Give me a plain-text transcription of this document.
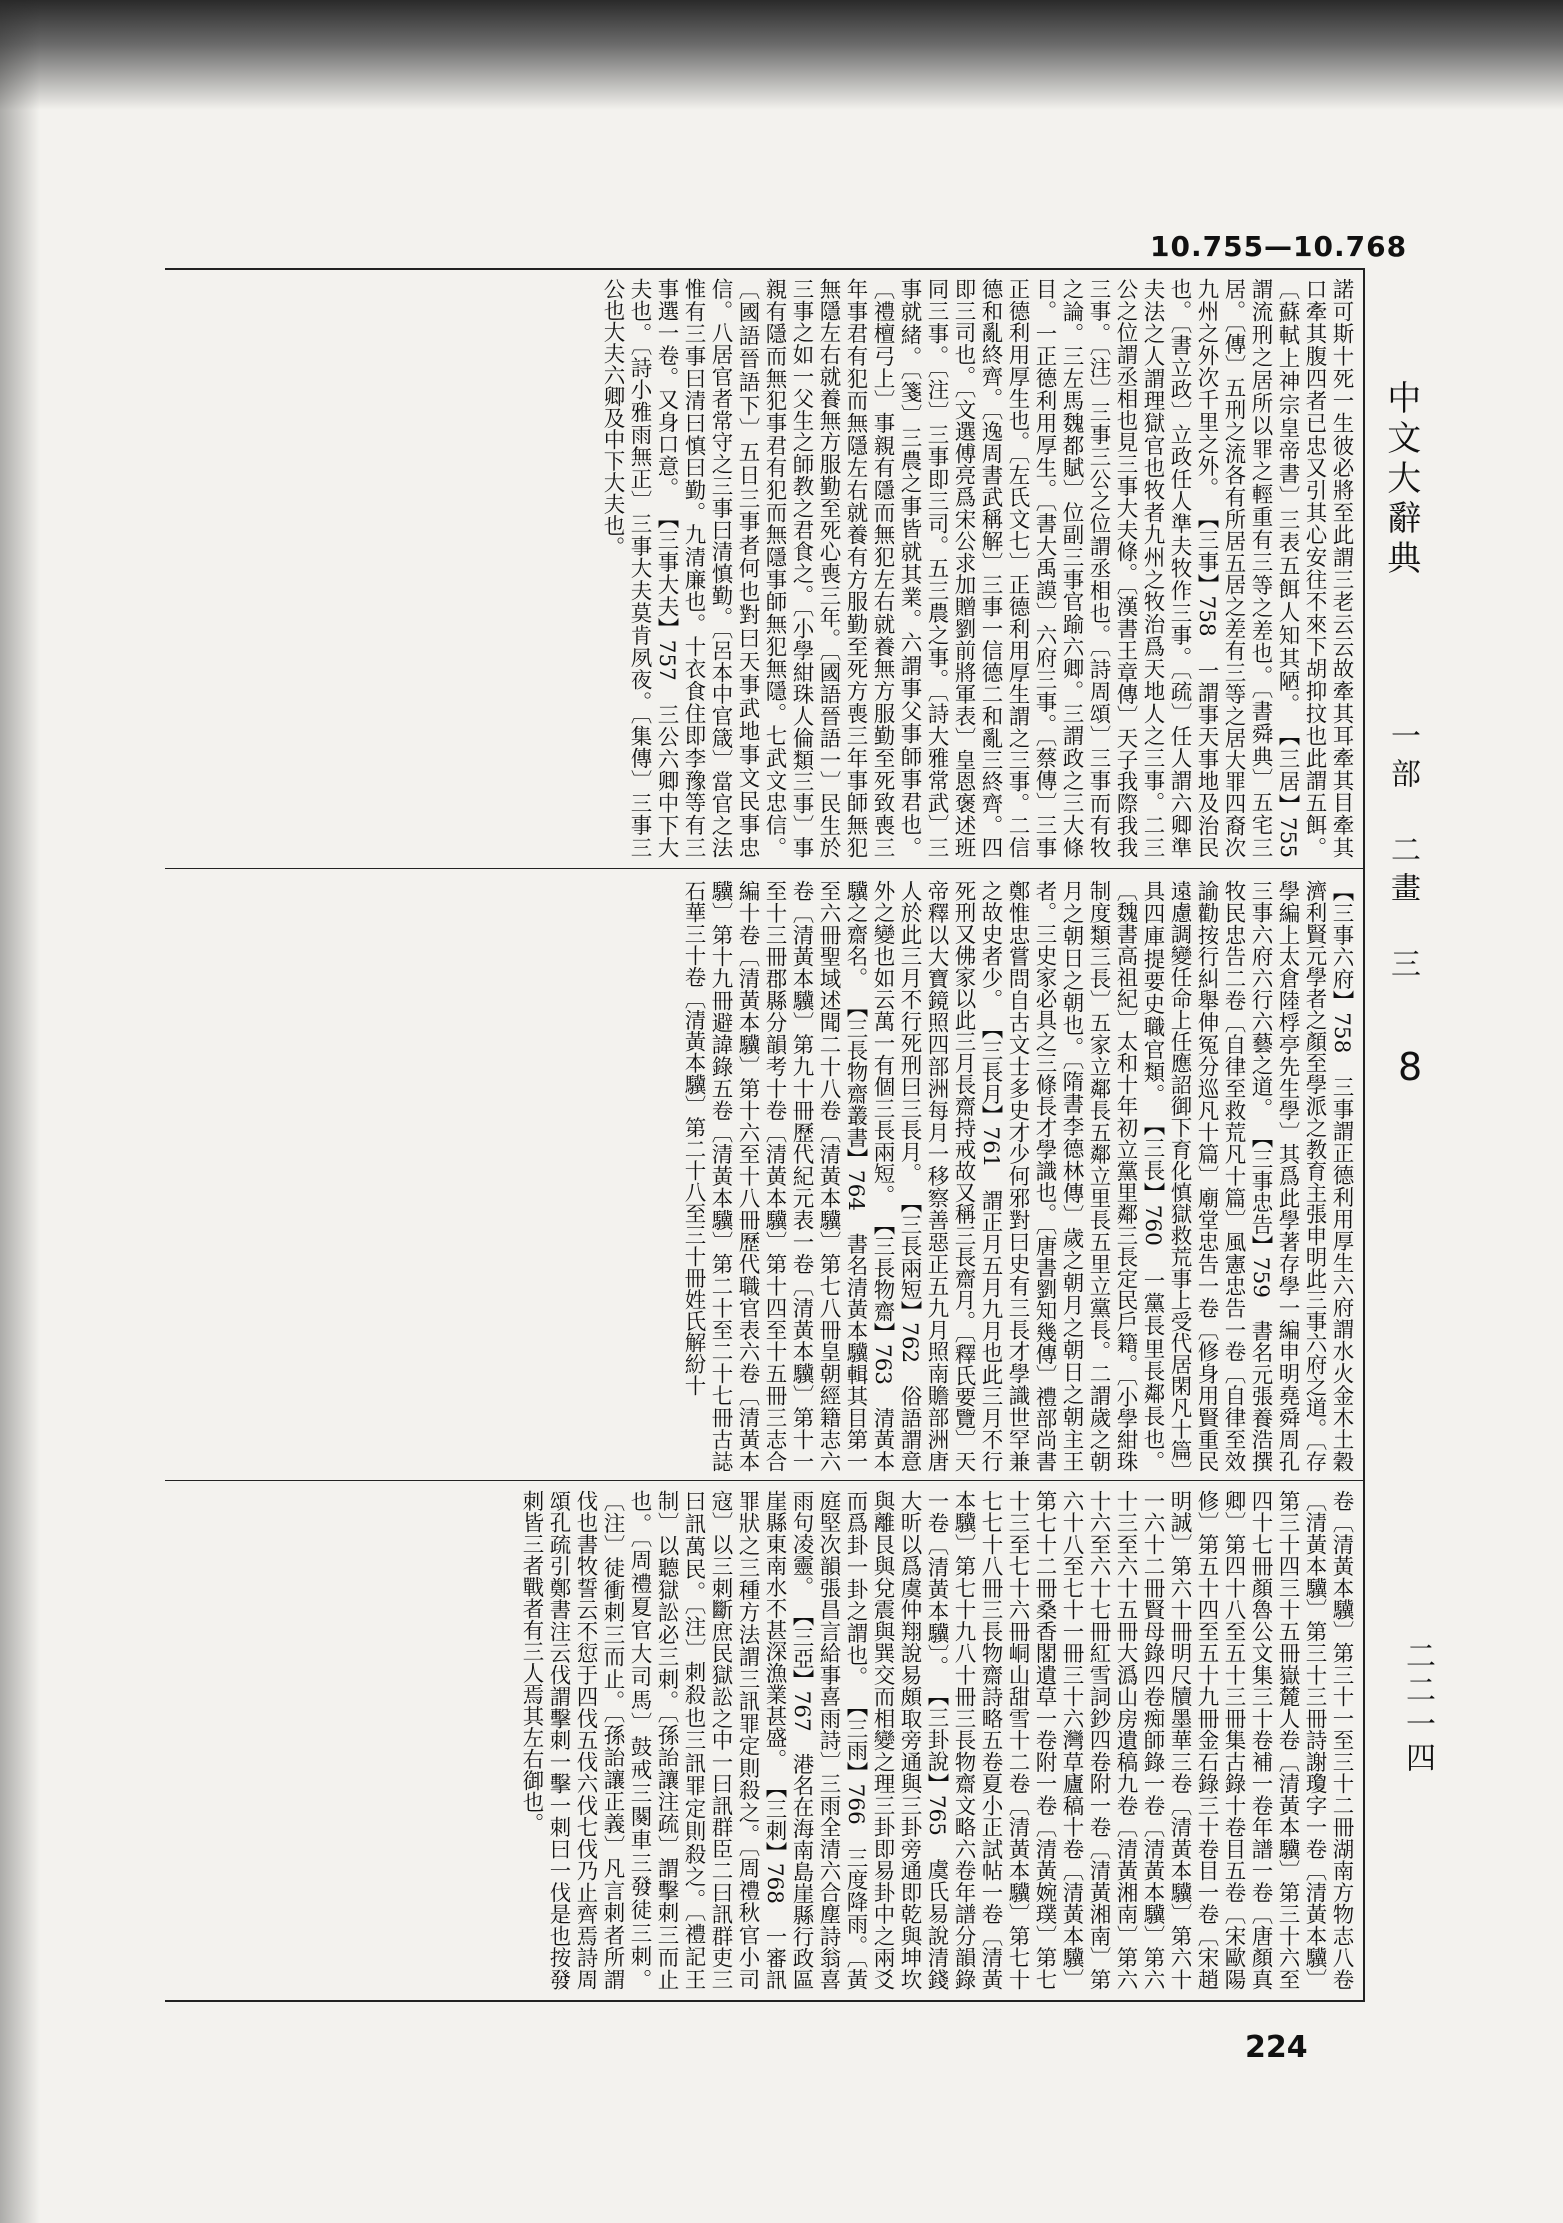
10.755—10.768
中文大辭典
一部　二畫　三
8
二二一四
224

諾可斯十死一生彼必將至此謂三老云云故牽其耳牽其目牽其口牽其腹四者已忠又引其心安往不來下胡抑抆也此謂五餌。〔蘇軾上神宗皇帝書〕三表五餌人知其陋。

【三居】755　謂流刑之居所以罪之輕重有三等之差也。〔書舜典〕五宅三居。〔傳〕五刑之流各有所居五居之差有三等之居大罪四裔次九州之外次千里之外。

【三事】758　一謂事天事地及治民也。〔書立政〕立政任人準夫牧作三事。〔疏〕任人謂六卿準夫法之人謂理獄官也牧者九州之牧治爲天地人之三事。二三公之位謂丞相也見三事大夫條。〔漢書王章傳〕天子我際我我三事。〔注〕三事三公之位謂丞相也。〔詩周頌〕三事而有牧之論。三左馬魏都賦〕位副三事官踰六卿。三謂政之三大條目。一正德利用厚生。〔書大禹謨〕六府三事。〔蔡傳〕三事正德利用厚生也。〔左氏文七〕正德利用厚生謂之三事。二信德和亂終齊。〔逸周書武稱解〕三事一信德二和亂三終齊。四即三司也。〔文選傅亮爲宋公求加贈劉前將軍表〕皇恩褒述班同三事。〔注〕三事即三司。五三農之事。〔詩大雅常武〕三事就緒。〔箋〕三農之事皆就其業。六謂事父事師事君也。〔禮檀弓上〕事親有隱而無犯左右就養無方服勤至死致喪三年事君有犯而無隱左右就養有方服勤至死方喪三年事師無犯無隱左右就養無方服勤至死心喪三年。〔國語晉語一〕民生於三事之如一父生之師教之君食之。〔小學紺珠人倫類三事〕事親有隱而無犯事君有犯而無隱事師無犯無隱。七武文忠信。〔國語晉語下〕五日三事者何也對曰天事武地事文民事忠信。八居官者常守之三事曰清慎勤。〔呂本中官箴〕當官之法惟有三事曰清曰慎曰勤。九清廉也。十衣食住即李豫等有三事選一卷。又身口意。

【三事大夫】757　三公六卿中下大夫也。〔詩小雅雨無正〕三事大夫莫肯夙夜。〔集傳〕三事三公也大夫六卿及中下大夫也。

【三事六府】758　三事謂正德利用厚生六府謂水火金木土穀濟利賢元學者之顏至學派之教育主張申明此三事六府之道。〔存學編上太倉陸桴亭先生學〕其爲此學著存學一編申明堯舜周孔三事六府六行六藝之道。

【三事忠告】759　書名元張養浩撰牧民忠告二卷〔自律至救荒凡十篇〕風憲忠告一卷〔自律至效諭勸按行糾舉伸冤分巡凡十篇〕廟堂忠告一卷〔修身用賢重民遠慮調變任命上任應詔御下育化慎獄救荒事上受代居閑凡十篇〕具四庫提要史職官類。

【三長】760　一黨長里長鄰長也。〔魏書高祖紀〕太和十年初立黨里鄰三長定民戶籍。〔小學紺珠制度類三長〕五家立鄰長五鄰立里長五里立黨長。二謂歲之朝月之朝日之朝也。〔隋書李德林傳〕歲之朝月之朝日之朝主王者。三史家必具之三條長才學識也。〔唐書劉知幾傳〕禮部尚書鄭惟忠嘗問自古文士多史才少何邪對曰史有三長才學識世罕兼之故史者少。

【三長月】761　謂正月五月九月也此三月不行死刑又佛家以此三月長齋持戒故又稱三長齋月。〔釋氏要覽〕天帝釋以大寶鏡照四部洲每月一移察善惡正五九月照南贍部洲唐人於此三月不行死刑曰三長月。

【三長兩短】762　俗語謂意外之變也如云萬一有個三長兩短。

【三長物齋】763　清黃本驥之齋名。

【三長物齋叢書】764　書名清黃本驥輯其目第一至六冊聖域述聞二十八卷〔清黃本驥〕第七八冊皇朝經籍志六卷〔清黃本驥〕第九十冊歷代紀元表一卷〔清黃本驥〕第十一至十三冊郡縣分韻考十卷〔清黃本驥〕第十四至十五冊三志合編十卷〔清黃本驥〕第十六至十八冊歷代職官表六卷〔清黃本驥〕第十九冊避諱錄五卷〔清黃本驥〕第二十至二十七冊古誌石華三十卷〔清黃本驥〕第二十八至三十冊姓氏解紛十

卷〔清黃本驥〕第三十一至三十二冊湖南方物志八卷〔清黃本驥〕第三十三冊詩謝瓊字一卷〔清黃本驥〕第三十四三十五冊嶽麓人卷〔清黃本驥〕第三十六至四十七冊顏魯公文集三十卷補一卷年譜一卷〔唐顏真卿〕第四十八至五十三冊集古錄十卷目五卷〔宋歐陽修〕第五十四至五十九冊金石錄三十卷目一卷〔宋趙明誠〕第六十冊明尺牘墨華三卷〔清黃本驥〕第六十一六十二冊賢母錄四卷痴師錄一卷〔清黃本驥〕第六十三至六十五冊大潙山房遺稿九卷〔清黃湘南〕第六十六至六十七冊紅雪詞鈔四卷附一卷〔清黃湘南〕第六十八至七十一冊三十六灣草廬稿十卷〔清黃本驥〕第七十二冊桑香閣遺草一卷附一卷〔清黃婉璞〕第七十三至七十六冊峒山甜雪十二卷〔清黃本驥〕第七十七七十八冊三長物齋詩略五卷夏小正試帖一卷〔清黃本驥〕第七十九八十冊三長物齋文略六卷年譜分韻錄一卷〔清黃本驥〕。

【三卦說】765　虞氏易說清錢大昕以爲虞仲翔說易頗取旁通與三卦旁通即乾與坤坎與離艮與兌震與巽交而相變之理三卦即易卦中之兩爻而爲卦一卦之謂也。

【三雨】766　三度降雨。〔黃庭堅次韻張昌言給事喜雨詩〕三雨全清六合塵詩翁喜雨句凌靈。

【三亞】767　港名在海南島崖縣行政區崖縣東南水不甚深漁業甚盛。

【三刺】768　一審訊罪狀之三種方法謂三訊罪定則殺之。〔周禮秋官小司寇〕以三刺斷庶民獄訟之中一曰訊群臣二曰訊群吏三曰訊萬民。〔注〕刺殺也三訊罪定則殺之。〔禮記王制〕以聽獄訟必三刺。〔孫詒讓注疏〕謂擊刺三而止也。〔周禮夏官大司馬〕鼓戒三闋車三發徒三刺。〔注〕徒衝刺三而止。〔孫詒讓正義〕凡言刺者所謂伐也書牧誓云不愆于四伐五伐六伐七伐乃止齊焉詩周頌孔疏引鄭書注云伐謂擊刺一擊一刺曰一伐是也按發刺皆三者戰者有三人焉其左右御也。
